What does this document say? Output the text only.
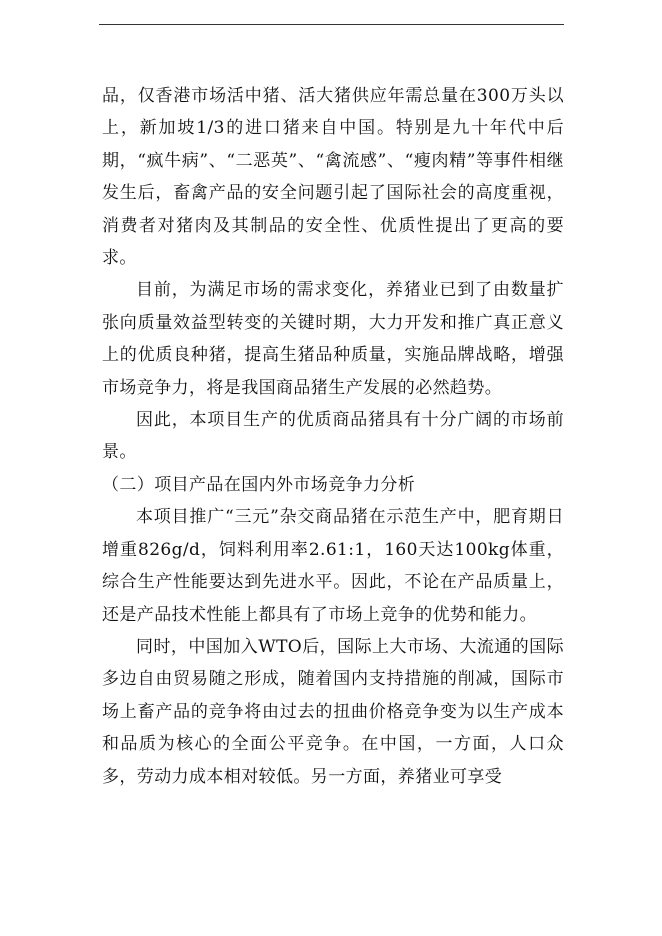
品，仅香港市场活中猪、活大猪供应年需总量在300万头以上，新加坡1/3的进口猪来自中国。特别是九十年代中后期，“疯牛病”、“二恶英”、“禽流感”、“瘦肉精”等事件相继发生后，畜禽产品的安全问题引起了国际社会的高度重视，消费者对猪肉及其制品的安全性、优质性提出了更高的要求。

目前，为满足市场的需求变化，养猪业已到了由数量扩张向质量效益型转变的关键时期，大力开发和推广真正意义上的优质良种猪，提高生猪品种质量，实施品牌战略，增强市场竞争力，将是我国商品猪生产发展的必然趋势。

因此，本项目生产的优质商品猪具有十分广阔的市场前景。

（二）项目产品在国内外市场竞争力分析

本项目推广“三元”杂交商品猪在示范生产中，肥育期日增重826g/d，饲料利用率2.61:1，160天达100kg体重，综合生产性能要达到先进水平。因此，不论在产品质量上，还是产品技术性能上都具有了市场上竞争的优势和能力。

同时，中国加入WTO后，国际上大市场、大流通的国际多边自由贸易随之形成，随着国内支持措施的削减，国际市场上畜产品的竞争将由过去的扭曲价格竞争变为以生产成本和品质为核心的全面公平竞争。在中国，一方面，人口众多，劳动力成本相对较低。另一方面，养猪业可享受
